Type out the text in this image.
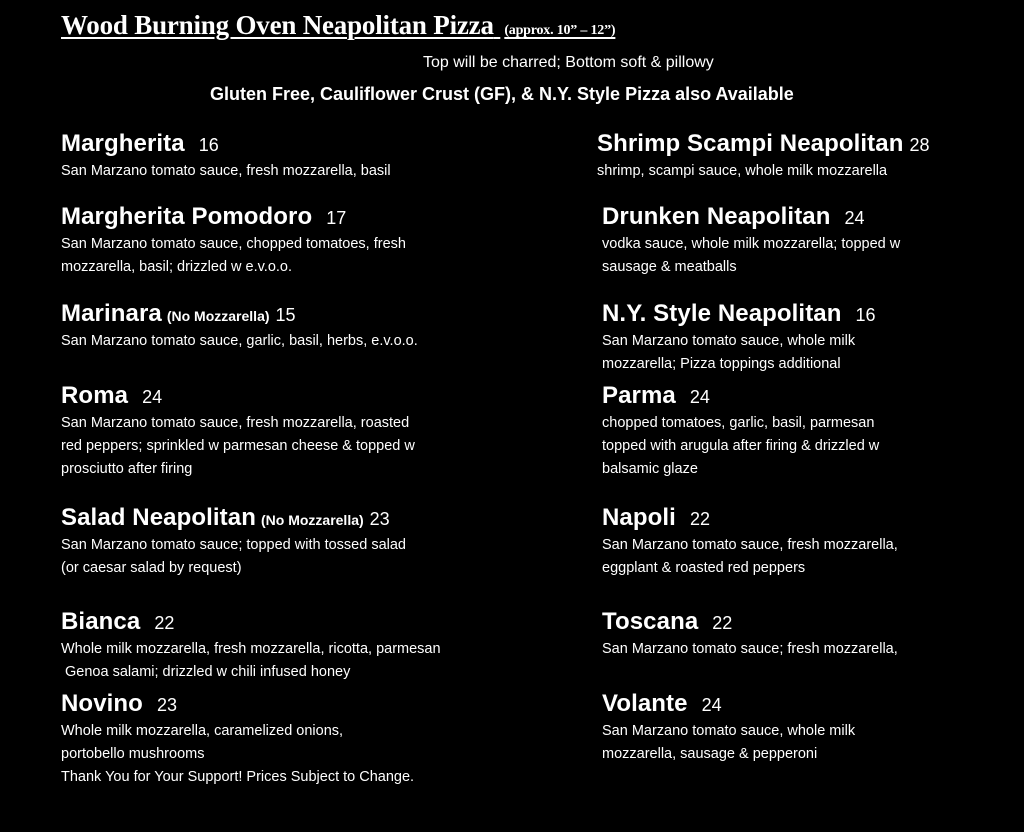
Wood Burning Oven Neapolitan Pizza (approx. 10” – 12”)
Top will be charred; Bottom soft & pillowy
Gluten Free, Cauliflower Crust (GF), & N.Y. Style Pizza also Available
Margherita 16

San Marzano tomato sauce, fresh mozzarella, basil

Margherita Pomodoro 17

San Marzano tomato sauce, chopped tomatoes, fresh

mozzarella, basil; drizzled w e.v.o.o.

Marinara (No Mozzarella) 15

San Marzano tomato sauce, garlic, basil, herbs, e.v.o.o.

Roma 24

San Marzano tomato sauce, fresh mozzarella, roasted

red peppers; sprinkled w parmesan cheese & topped w

prosciutto after firing

Salad Neapolitan (No Mozzarella) 23

San Marzano tomato sauce; topped with tossed salad

(or caesar salad by request)

Bianca 22

Whole milk mozzarella, fresh mozzarella, ricotta, parmesan

Genoa salami; drizzled w chili infused honey

Novino 23

Whole milk mozzarella, caramelized onions,

portobello mushrooms

Thank You for Your Support! Prices Subject to Change.

Shrimp Scampi Neapolitan 28

shrimp, scampi sauce, whole milk mozzarella

Drunken Neapolitan 24

vodka sauce, whole milk mozzarella; topped w

sausage & meatballs

N.Y. Style Neapolitan 16

San Marzano tomato sauce, whole milk

mozzarella; Pizza toppings additional

Parma 24

chopped tomatoes, garlic, basil, parmesan

topped with arugula after firing & drizzled w

balsamic glaze

Napoli 22

San Marzano tomato sauce, fresh mozzarella,

eggplant & roasted red peppers

Toscana 22

San Marzano tomato sauce; fresh mozzarella,

Volante 24

San Marzano tomato sauce, whole milk

mozzarella, sausage & pepperoni
